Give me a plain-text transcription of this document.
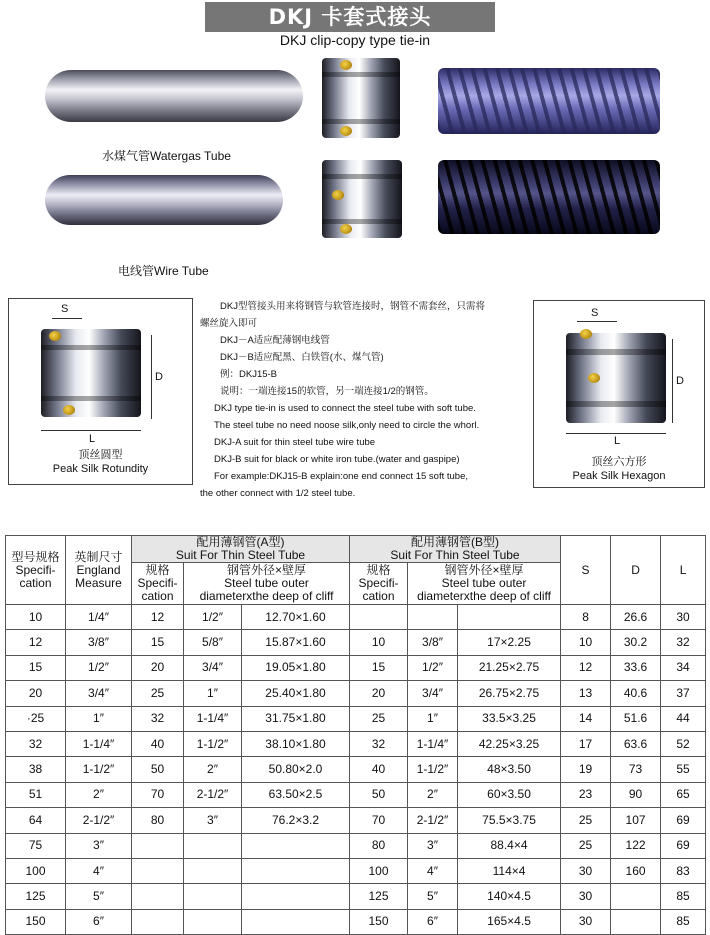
DKJ 卡套式接头
DKJ clip-copy type tie-in
水煤气管Watergas Tube
电线管Wire Tube
S
D
L
顶丝圆型
Peak Silk Rotundity
DKJ型管接头用来将钢管与软管连接时，钢管不需套丝，只需将
螺丝旋入即可
DKJ－A适应配薄钢电线管
DKJ－B适应配黑、白铁管(水、煤气管)
例：DKJ15-B
说明：一端连接15的软管，另一端连接1/2的钢管。
DKJ type tie-in is used to connect the steel tube with soft tube.
The steel tube no need noose silk,only need to circle the whorl.
DKJ-A suit for thin steel tube wire tube
DKJ-B suit for black or white iron tube.(water and gaspipe)
For example:DKJ15-B explain:one end connect 15 soft tube,
the other connect with 1/2 steel tube.
S
D
L
顶丝六方形
Peak Silk Hexagon
型号规格
Specifi-
cation	英制尺寸
England
Measure	配用薄钢管(A型)
Suit For Thin Steel Tube			配用薄钢管(B型)
Suit For Thin Steel Tube			S	D	L
		规格
Specifi-
cation	钢管外径×壁厚
Steel tube outer
diameterxthe deep of cliff		规格
Specifi-
cation	钢管外径×壁厚
Steel tube outer
diameterxthe deep of cliff				
10	1/4″	12	1/2″	12.70×1.60				8	26.6	30
12	3/8″	15	5/8″	15.87×1.60	10	3/8″	17×2.25	10	30.2	32
15	1/2″	20	3/4″	19.05×1.80	15	1/2″	21.25×2.75	12	33.6	34
20	3/4″	25	1″	25.40×1.80	20	3/4″	26.75×2.75	13	40.6	37
·25	1″	32	1-1/4″	31.75×1.80	25	1″	33.5×3.25	14	51.6	44
32	1-1/4″	40	1-1/2″	38.10×1.80	32	1-1/4″	42.25×3.25	17	63.6	52
38	1-1/2″	50	2″	50.80×2.0	40	1-1/2″	48×3.50	19	73	55
51	2″	70	2-1/2″	63.50×2.5	50	2″	60×3.50	23	90	65
64	2-1/2″	80	3″	76.2×3.2	70	2-1/2″	75.5×3.75	25	107	69
75	3″				80	3″	88.4×4	25	122	69
100	4″				100	4″	114×4	30	160	83
125	5″				125	5″	140×4.5	30		85
150	6″				150	6″	165×4.5	30		85
